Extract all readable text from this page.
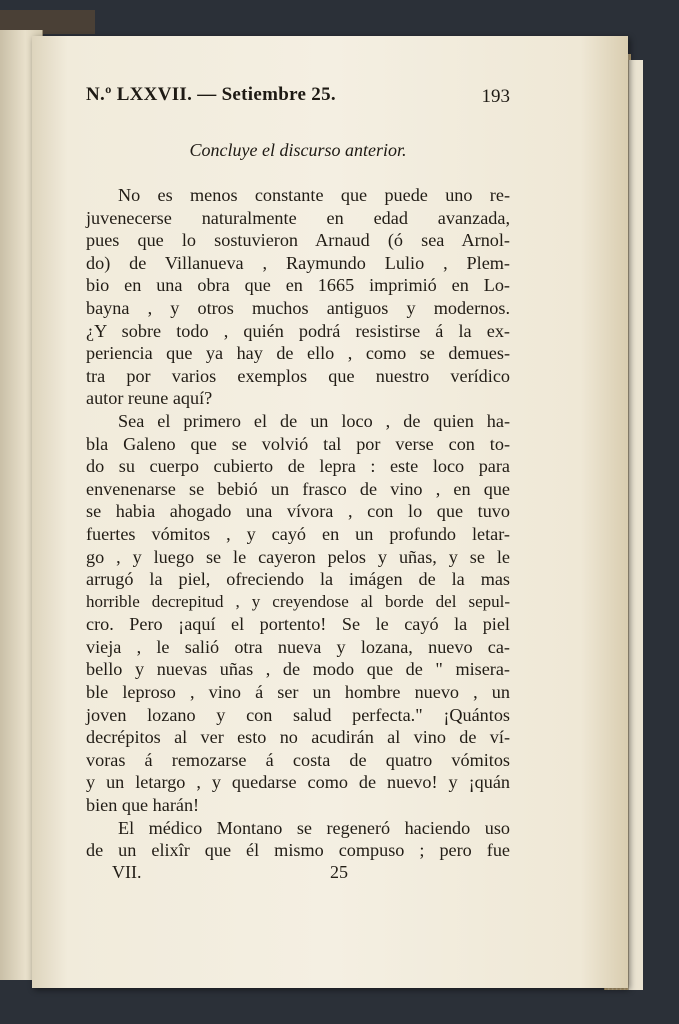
N.º LXXVII. — Setiembre 25.	193
Concluye el discurso anterior.
No es menos constante que puede uno re-
juvenecerse naturalmente en edad avanzada,
pues que lo sostuvieron Arnaud (ó sea Arnol-
do) de Villanueva , Raymundo Lulio , Plem-
bio en una obra que en 1665 imprimió en Lo-
bayna , y otros muchos antiguos y modernos.
¿Y sobre todo , quién podrá resistirse á la ex-
periencia que ya hay de ello , como se demues-
tra por varios exemplos que nuestro verídico
autor reune aquí?
Sea el primero el de un loco , de quien ha-
bla Galeno que se volvió tal por verse con to-
do su cuerpo cubierto de lepra : este loco para
envenenarse se bebió un frasco de vino , en que
se habia ahogado una vívora , con lo que tuvo
fuertes vómitos , y cayó en un profundo letar-
go , y luego se le cayeron pelos y uñas, y se le
arrugó la piel, ofreciendo la imágen de la mas
horrible decrepitud , y creyendose al borde del sepul-
cro. Pero ¡aquí el portento! Se le cayó la piel
vieja , le salió otra nueva y lozana, nuevo ca-
bello y nuevas uñas , de modo que de " misera-
ble leproso , vino á ser un hombre nuevo , un
joven lozano y con salud perfecta." ¡Quántos
decrépitos al ver esto no acudirán al vino de ví-
voras á remozarse á costa de quatro vómitos
y un letargo , y quedarse como de nuevo! y ¡quán
bien que harán!
El médico Montano se regeneró haciendo uso
de un elixîr que él mismo compuso ; pero fue
VII.	25
